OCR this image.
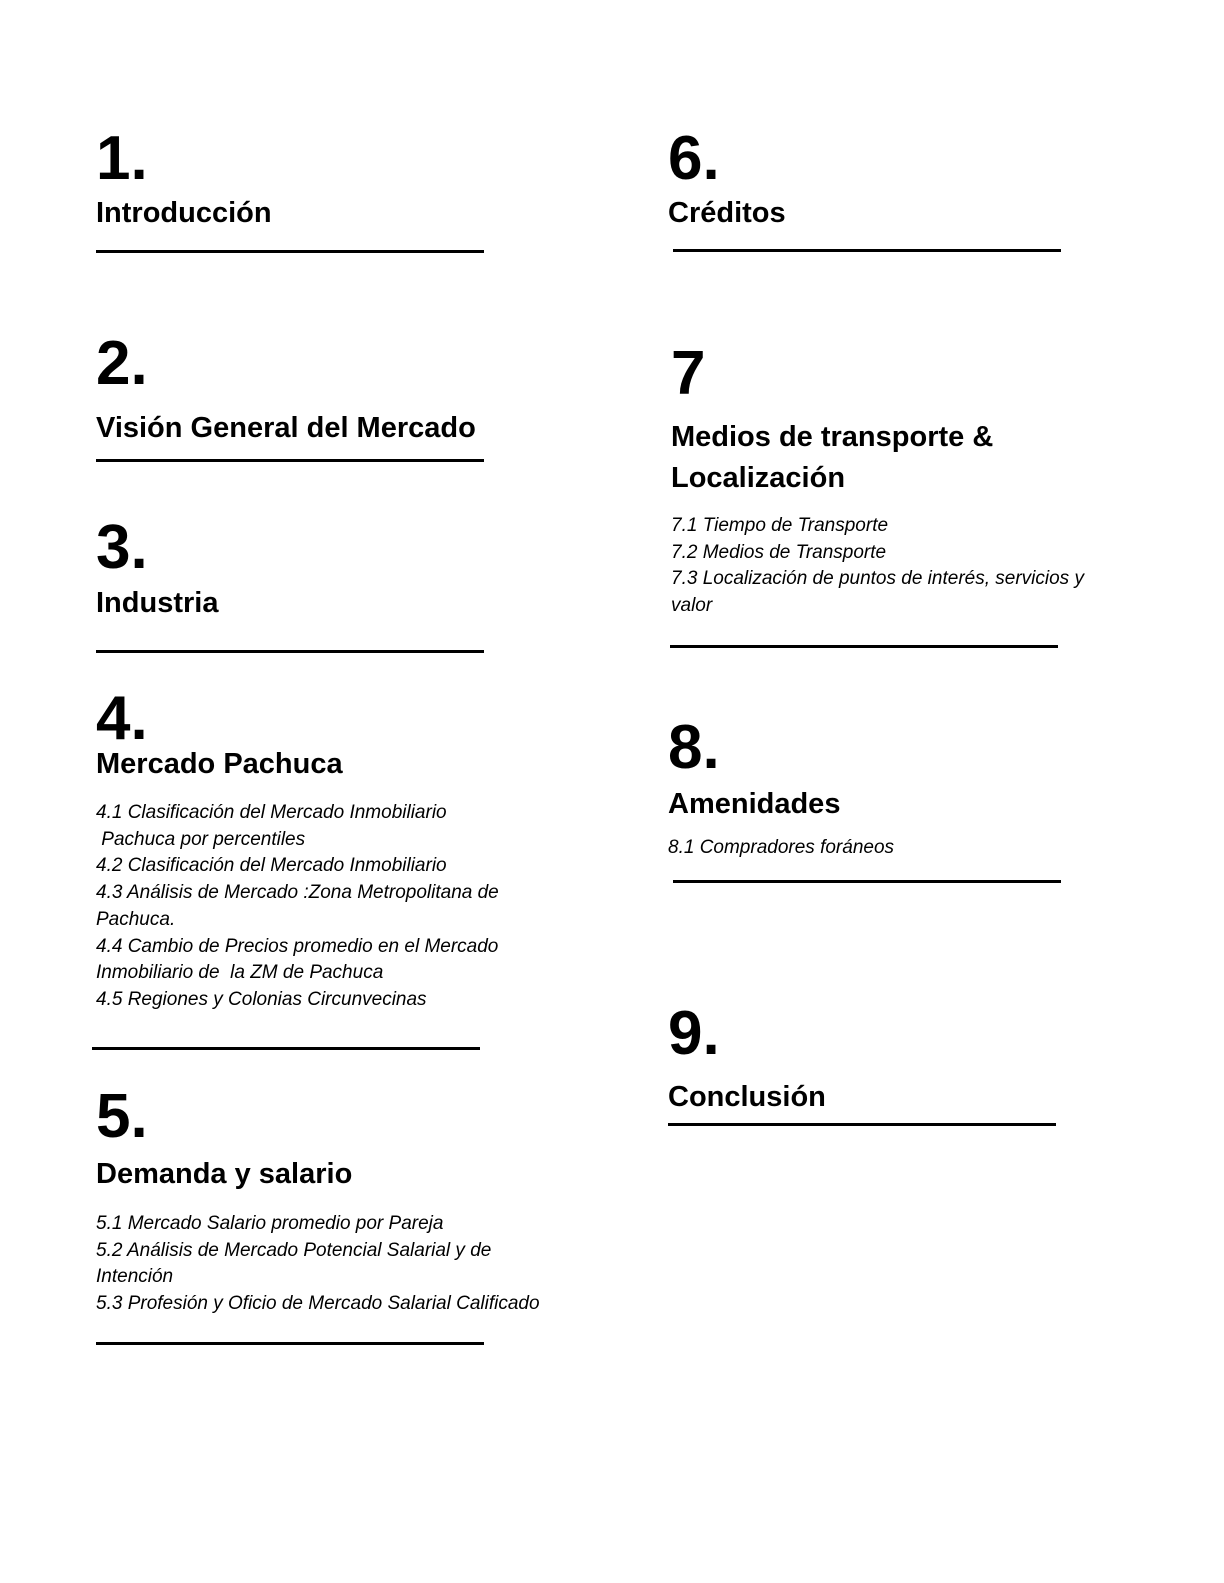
1.
Introducción
2.
Visión General del Mercado
3.
Industria
4.
Mercado Pachuca
4.1 Clasificación del Mercado Inmobiliario
Pachuca por percentiles
4.2 Clasificación del Mercado Inmobiliario
4.3 Análisis de Mercado :Zona Metropolitana de
Pachuca.
4.4 Cambio de Precios promedio en el Mercado
Inmobiliario de  la ZM de Pachuca
4.5 Regiones y Colonias Circunvecinas
5.
Demanda y salario
5.1 Mercado Salario promedio por Pareja
5.2 Análisis de Mercado Potencial Salarial y de
Intención
5.3 Profesión y Oficio de Mercado Salarial Calificado
6.
Créditos
7
Medios de transporte &
Localización
7.1 Tiempo de Transporte
7.2 Medios de Transporte
7.3 Localización de puntos de interés, servicios y
valor
8.
Amenidades
8.1 Compradores foráneos
9.
Conclusión
